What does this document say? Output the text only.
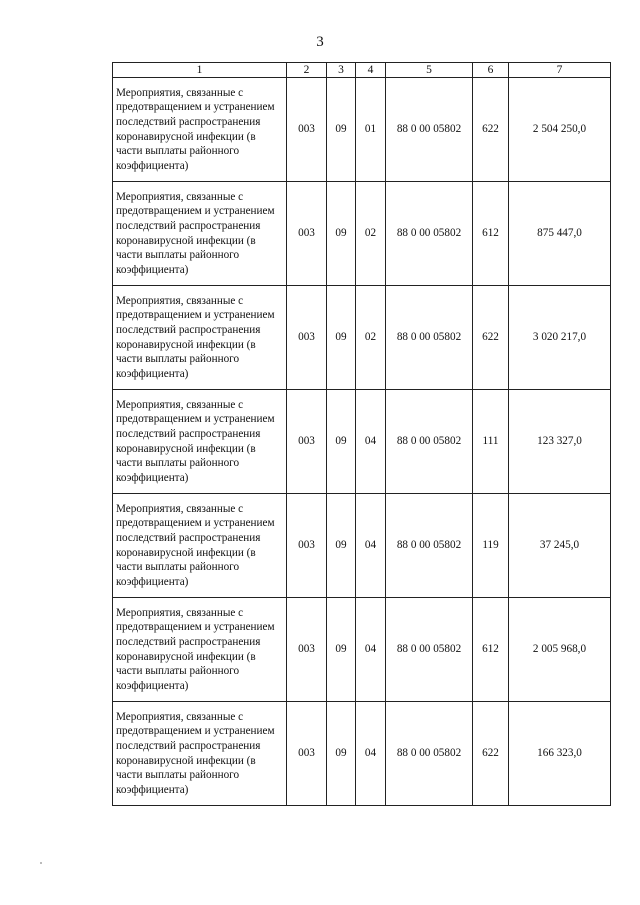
3
1	2	3	4	5	6	7
Мероприятия, связанные с предотвращением и устранением последствий распространения коронавирусной инфекции (в части выплаты районного коэффициента)	003	09	01	88 0 00 05802	622	2 504 250,0
Мероприятия, связанные с предотвращением и устранением последствий распространения коронавирусной инфекции (в части выплаты районного коэффициента)	003	09	02	88 0 00 05802	612	875 447,0
Мероприятия, связанные с предотвращением и устранением последствий распространения коронавирусной инфекции (в части выплаты районного коэффициента)	003	09	02	88 0 00 05802	622	3 020 217,0
Мероприятия, связанные с предотвращением и устранением последствий распространения коронавирусной инфекции (в части выплаты районного коэффициента)	003	09	04	88 0 00 05802	111	123 327,0
Мероприятия, связанные с предотвращением и устранением последствий распространения коронавирусной инфекции (в части выплаты районного коэффициента)	003	09	04	88 0 00 05802	119	37 245,0
Мероприятия, связанные с предотвращением и устранением последствий распространения коронавирусной инфекции (в части выплаты районного коэффициента)	003	09	04	88 0 00 05802	612	2 005 968,0
Мероприятия, связанные с предотвращением и устранением последствий распространения коронавирусной инфекции (в части выплаты районного коэффициента)	003	09	04	88 0 00 05802	622	166 323,0
